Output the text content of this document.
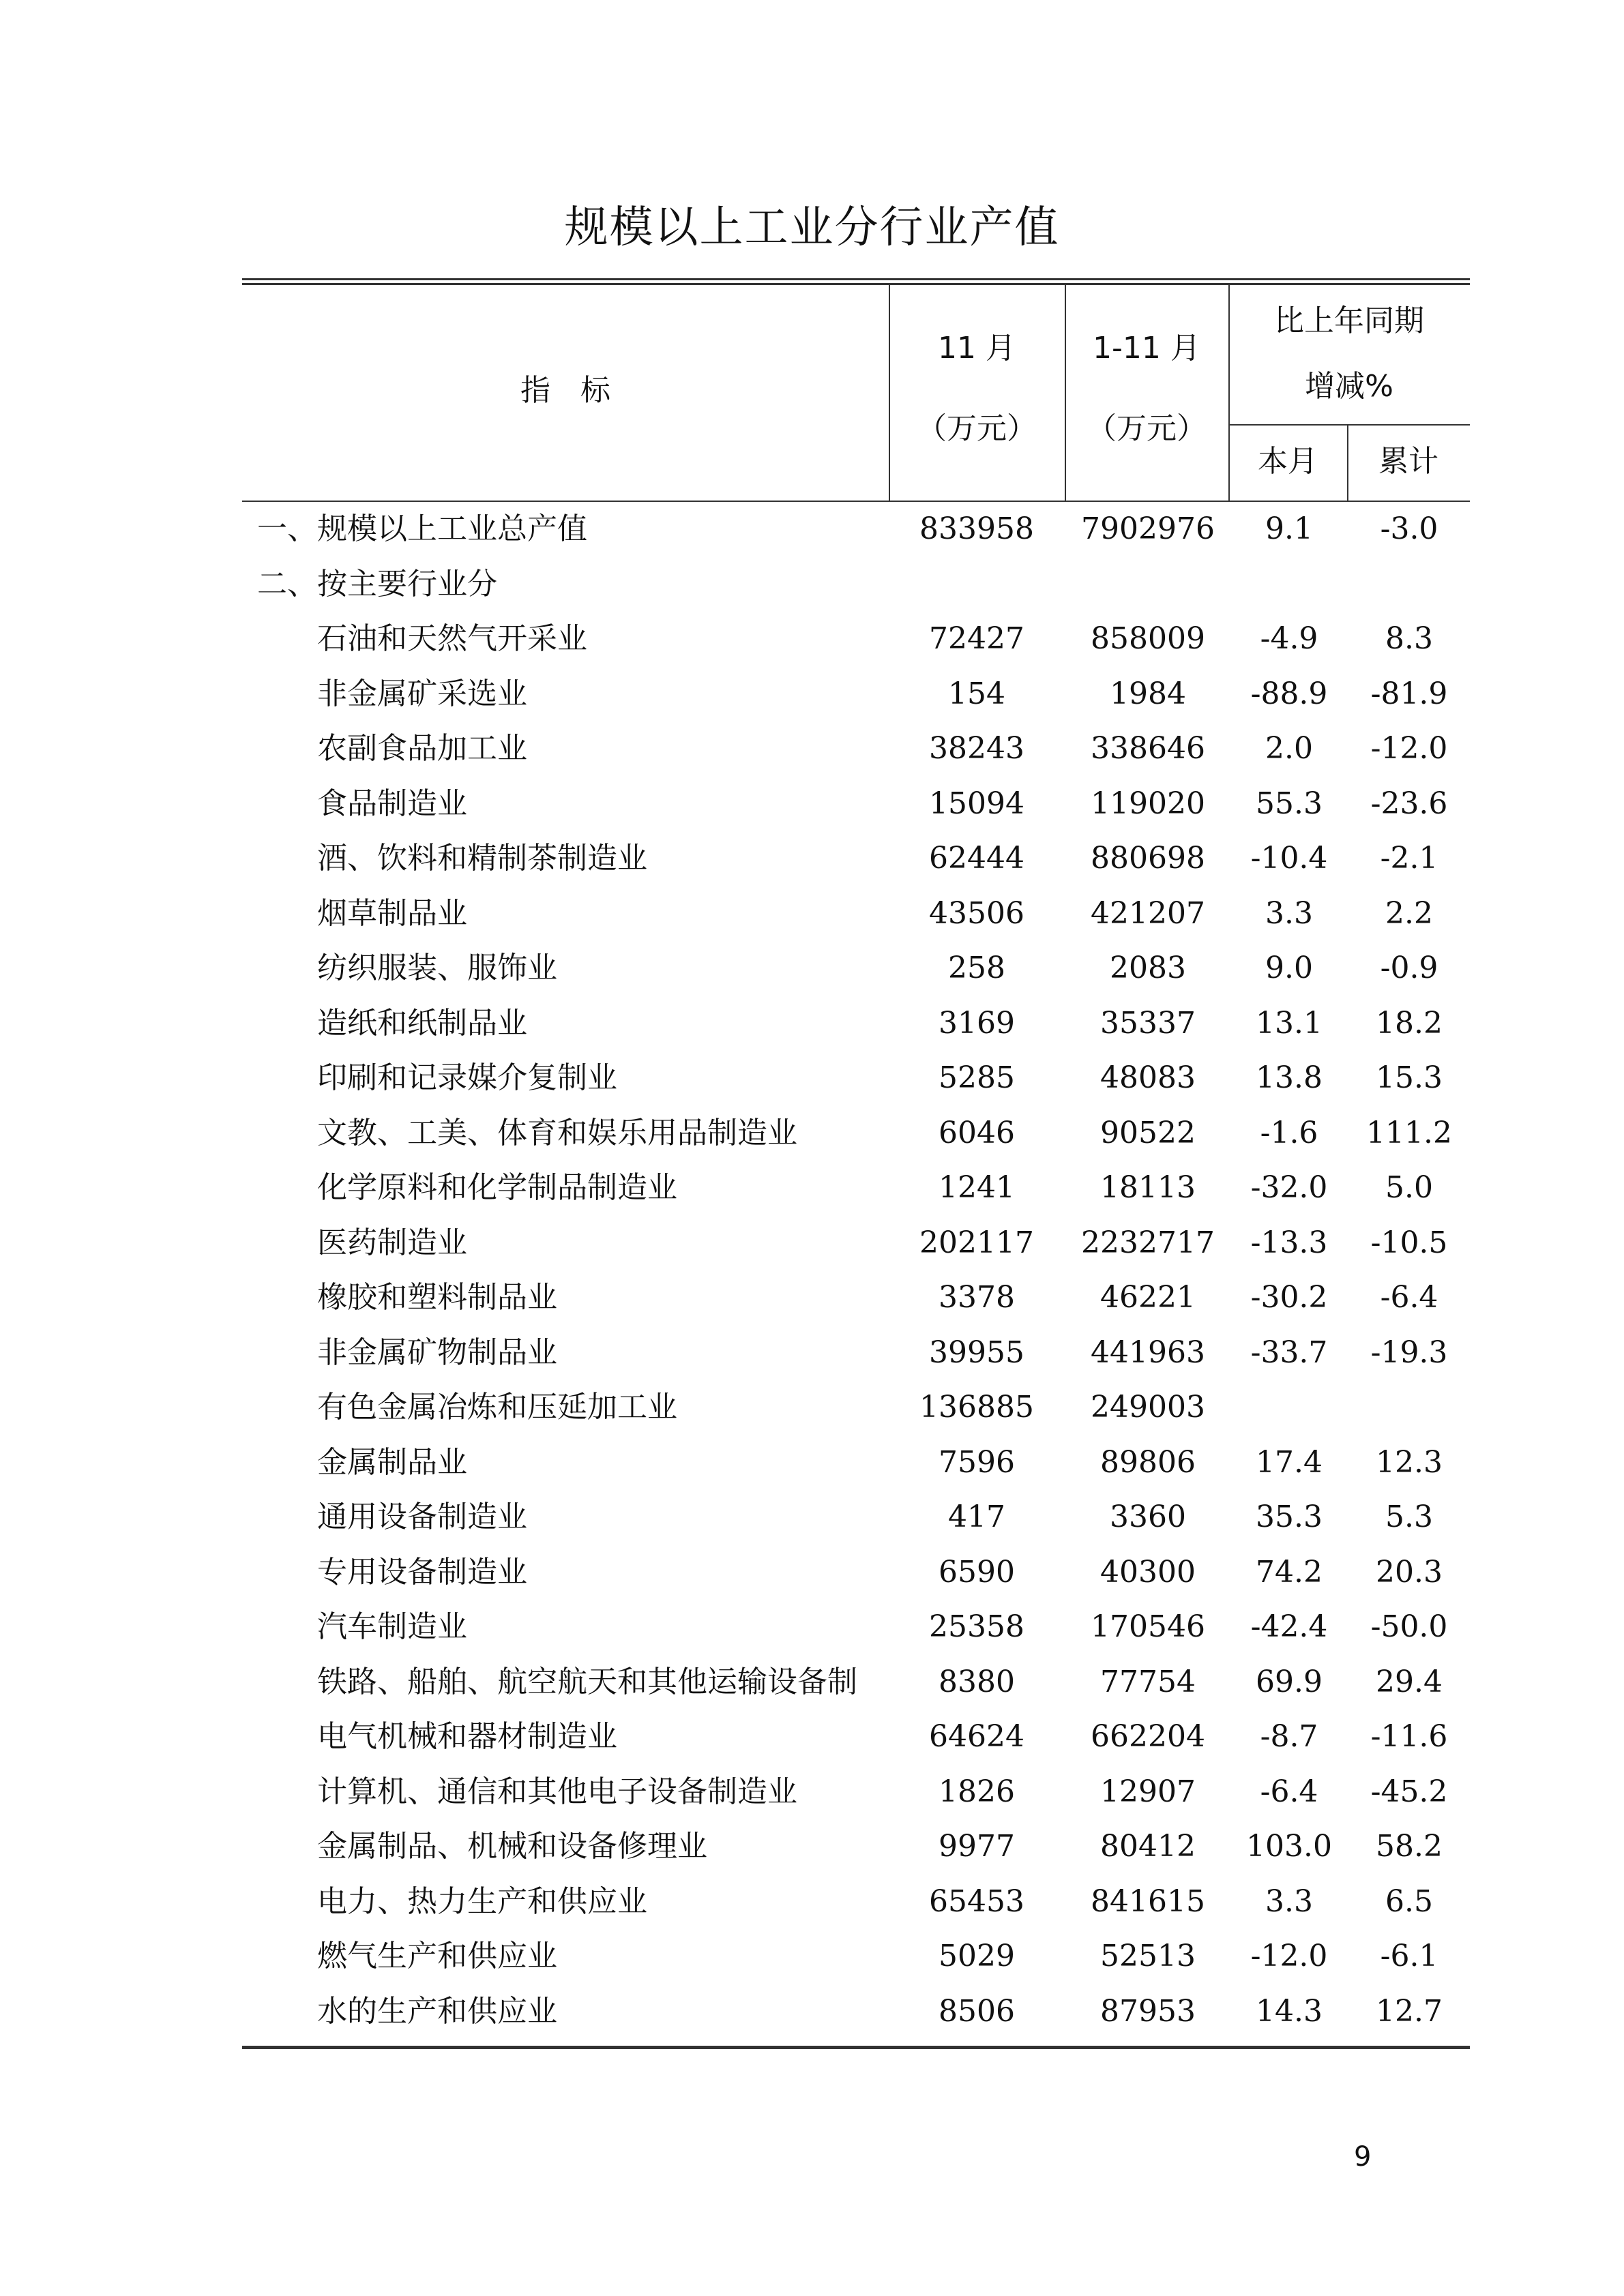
规模以上工业分行业产值
指　标
11 月
（万元）
1-11 月
（万元）
比上年同期
增减%
本月	累计
一、规模以上工业总产值	833958	7902976	9.1	-3.0
二、按主要行业分
石油和天然气开采业	72427	858009	-4.9	8.3
非金属矿采选业	154	1984	-88.9	-81.9
农副食品加工业	38243	338646	2.0	-12.0
食品制造业	15094	119020	55.3	-23.6
酒、饮料和精制茶制造业	62444	880698	-10.4	-2.1
烟草制品业	43506	421207	3.3	2.2
纺织服装、服饰业	258	2083	9.0	-0.9
造纸和纸制品业	3169	35337	13.1	18.2
印刷和记录媒介复制业	5285	48083	13.8	15.3
文教、工美、体育和娱乐用品制造业	6046	90522	-1.6	111.2
化学原料和化学制品制造业	1241	18113	-32.0	5.0
医药制造业	202117	2232717	-13.3	-10.5
橡胶和塑料制品业	3378	46221	-30.2	-6.4
非金属矿物制品业	39955	441963	-33.7	-19.3
有色金属冶炼和压延加工业	136885	249003
金属制品业	7596	89806	17.4	12.3
通用设备制造业	417	3360	35.3	5.3
专用设备制造业	6590	40300	74.2	20.3
汽车制造业	25358	170546	-42.4	-50.0
铁路、船舶、航空航天和其他运输设备制	8380	77754	69.9	29.4
电气机械和器材制造业	64624	662204	-8.7	-11.6
计算机、通信和其他电子设备制造业	1826	12907	-6.4	-45.2
金属制品、机械和设备修理业	9977	80412	103.0	58.2
电力、热力生产和供应业	65453	841615	3.3	6.5
燃气生产和供应业	5029	52513	-12.0	-6.1
水的生产和供应业	8506	87953	14.3	12.7
9
